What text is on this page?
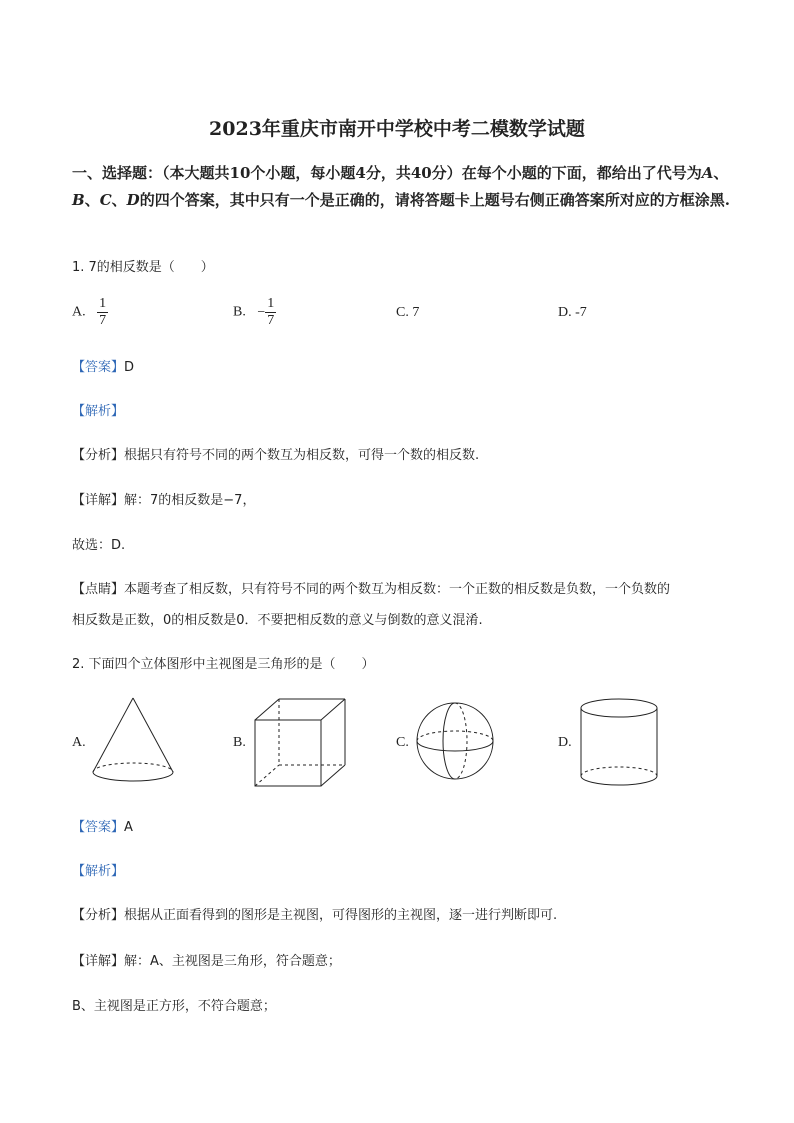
2023年重庆市南开中学校中考二模数学试题
一、选择题：（本大题共10个小题，每小题4分，共40分）在每个小题的下面，都给出了代号为A、B、C、D的四个答案，其中只有一个是正确的，请将答题卡上题号右侧正确答案所对应的方框涂黑.
1. 7的相反数是（　　）
A. $\frac{1}{7}$	B. − $\frac{1}{7}$	C. 7	D. -7
【答案】D
【解析】
【分析】根据只有符号不同的两个数互为相反数，可得一个数的相反数.
【详解】解：7的相反数是−7，
故选：D.
【点睛】本题考查了相反数，只有符号不同的两个数互为相反数：一个正数的相反数是负数，一个负数的
相反数是正数，0的相反数是0．不要把相反数的意义与倒数的意义混淆.
2. 下面四个立体图形中主视图是三角形的是（　　）
A.	B.	C.	D.
【答案】A
【解析】
【分析】根据从正面看得到的图形是主视图，可得图形的主视图，逐一进行判断即可.
【详解】解：A、主视图是三角形，符合题意；
B、主视图是正方形，不符合题意；
